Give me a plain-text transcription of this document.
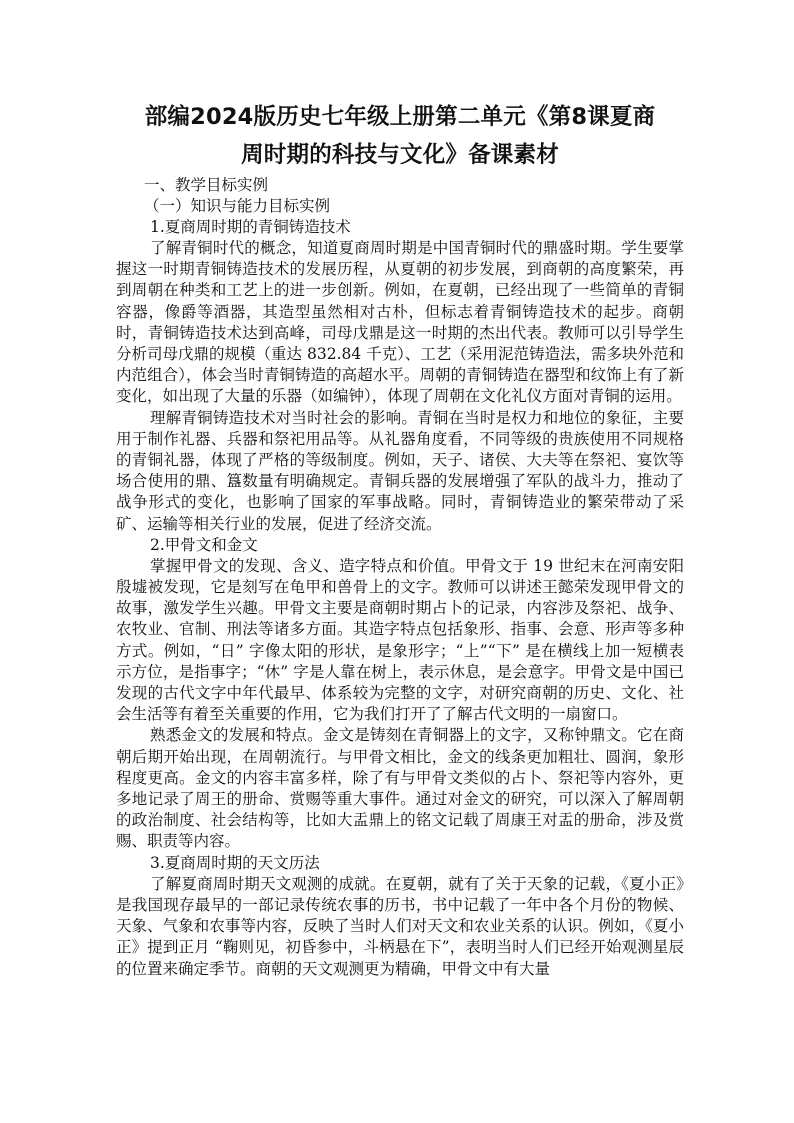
部编2024版历史七年级上册第二单元《第8课夏商
周时期的科技与文化》备课素材

一、教学目标实例

（一）知识与能力目标实例

1.夏商周时期的青铜铸造技术

了解青铜时代的概念，知道夏商周时期是中国青铜时代的鼎盛时期。学生要掌握这一时期青铜铸造技术的发展历程，从夏朝的初步发展，到商朝的高度繁荣，再到周朝在种类和工艺上的进一步创新。例如，在夏朝，已经出现了一些简单的青铜容器，像爵等酒器，其造型虽然相对古朴，但标志着青铜铸造技术的起步。商朝时，青铜铸造技术达到高峰，司母戊鼎是这一时期的杰出代表。教师可以引导学生分析司母戊鼎的规模（重达 832.84 千克）、工艺（采用泥范铸造法，需多块外范和内范组合），体会当时青铜铸造的高超水平。周朝的青铜铸造在器型和纹饰上有了新变化，如出现了大量的乐器（如编钟），体现了周朝在文化礼仪方面对青铜的运用。

理解青铜铸造技术对当时社会的影响。青铜在当时是权力和地位的象征，主要用于制作礼器、兵器和祭祀用品等。从礼器角度看，不同等级的贵族使用不同规格的青铜礼器，体现了严格的等级制度。例如，天子、诸侯、大夫等在祭祀、宴饮等场合使用的鼎、簋数量有明确规定。青铜兵器的发展增强了军队的战斗力，推动了战争形式的变化，也影响了国家的军事战略。同时，青铜铸造业的繁荣带动了采矿、运输等相关行业的发展，促进了经济交流。

2.甲骨文和金文

掌握甲骨文的发现、含义、造字特点和价值。甲骨文于 19 世纪末在河南安阳殷墟被发现，它是刻写在龟甲和兽骨上的文字。教师可以讲述王懿荣发现甲骨文的故事，激发学生兴趣。甲骨文主要是商朝时期占卜的记录，内容涉及祭祀、战争、农牧业、官制、刑法等诸多方面。其造字特点包括象形、指事、会意、形声等多种方式。例如，“日” 字像太阳的形状，是象形字；“上”“下” 是在横线上加一短横表示方位，是指事字；“休” 字是人靠在树上，表示休息，是会意字。甲骨文是中国已发现的古代文字中年代最早、体系较为完整的文字，对研究商朝的历史、文化、社会生活等有着至关重要的作用，它为我们打开了了解古代文明的一扇窗口。

熟悉金文的发展和特点。金文是铸刻在青铜器上的文字，又称钟鼎文。它在商朝后期开始出现，在周朝流行。与甲骨文相比，金文的线条更加粗壮、圆润，象形程度更高。金文的内容丰富多样，除了有与甲骨文类似的占卜、祭祀等内容外，更多地记录了周王的册命、赏赐等重大事件。通过对金文的研究，可以深入了解周朝的政治制度、社会结构等，比如大盂鼎上的铭文记载了周康王对盂的册命，涉及赏赐、职责等内容。

3.夏商周时期的天文历法

了解夏商周时期天文观测的成就。在夏朝，就有了关于天象的记载，《夏小正》是我国现存最早的一部记录传统农事的历书，书中记载了一年中各个月份的物候、天象、气象和农事等内容，反映了当时人们对天文和农业关系的认识。例如，《夏小正》提到正月 “鞠则见，初昏参中，斗柄悬在下”，表明当时人们已经开始观测星辰的位置来确定季节。商朝的天文观测更为精确，甲骨文中有大量
